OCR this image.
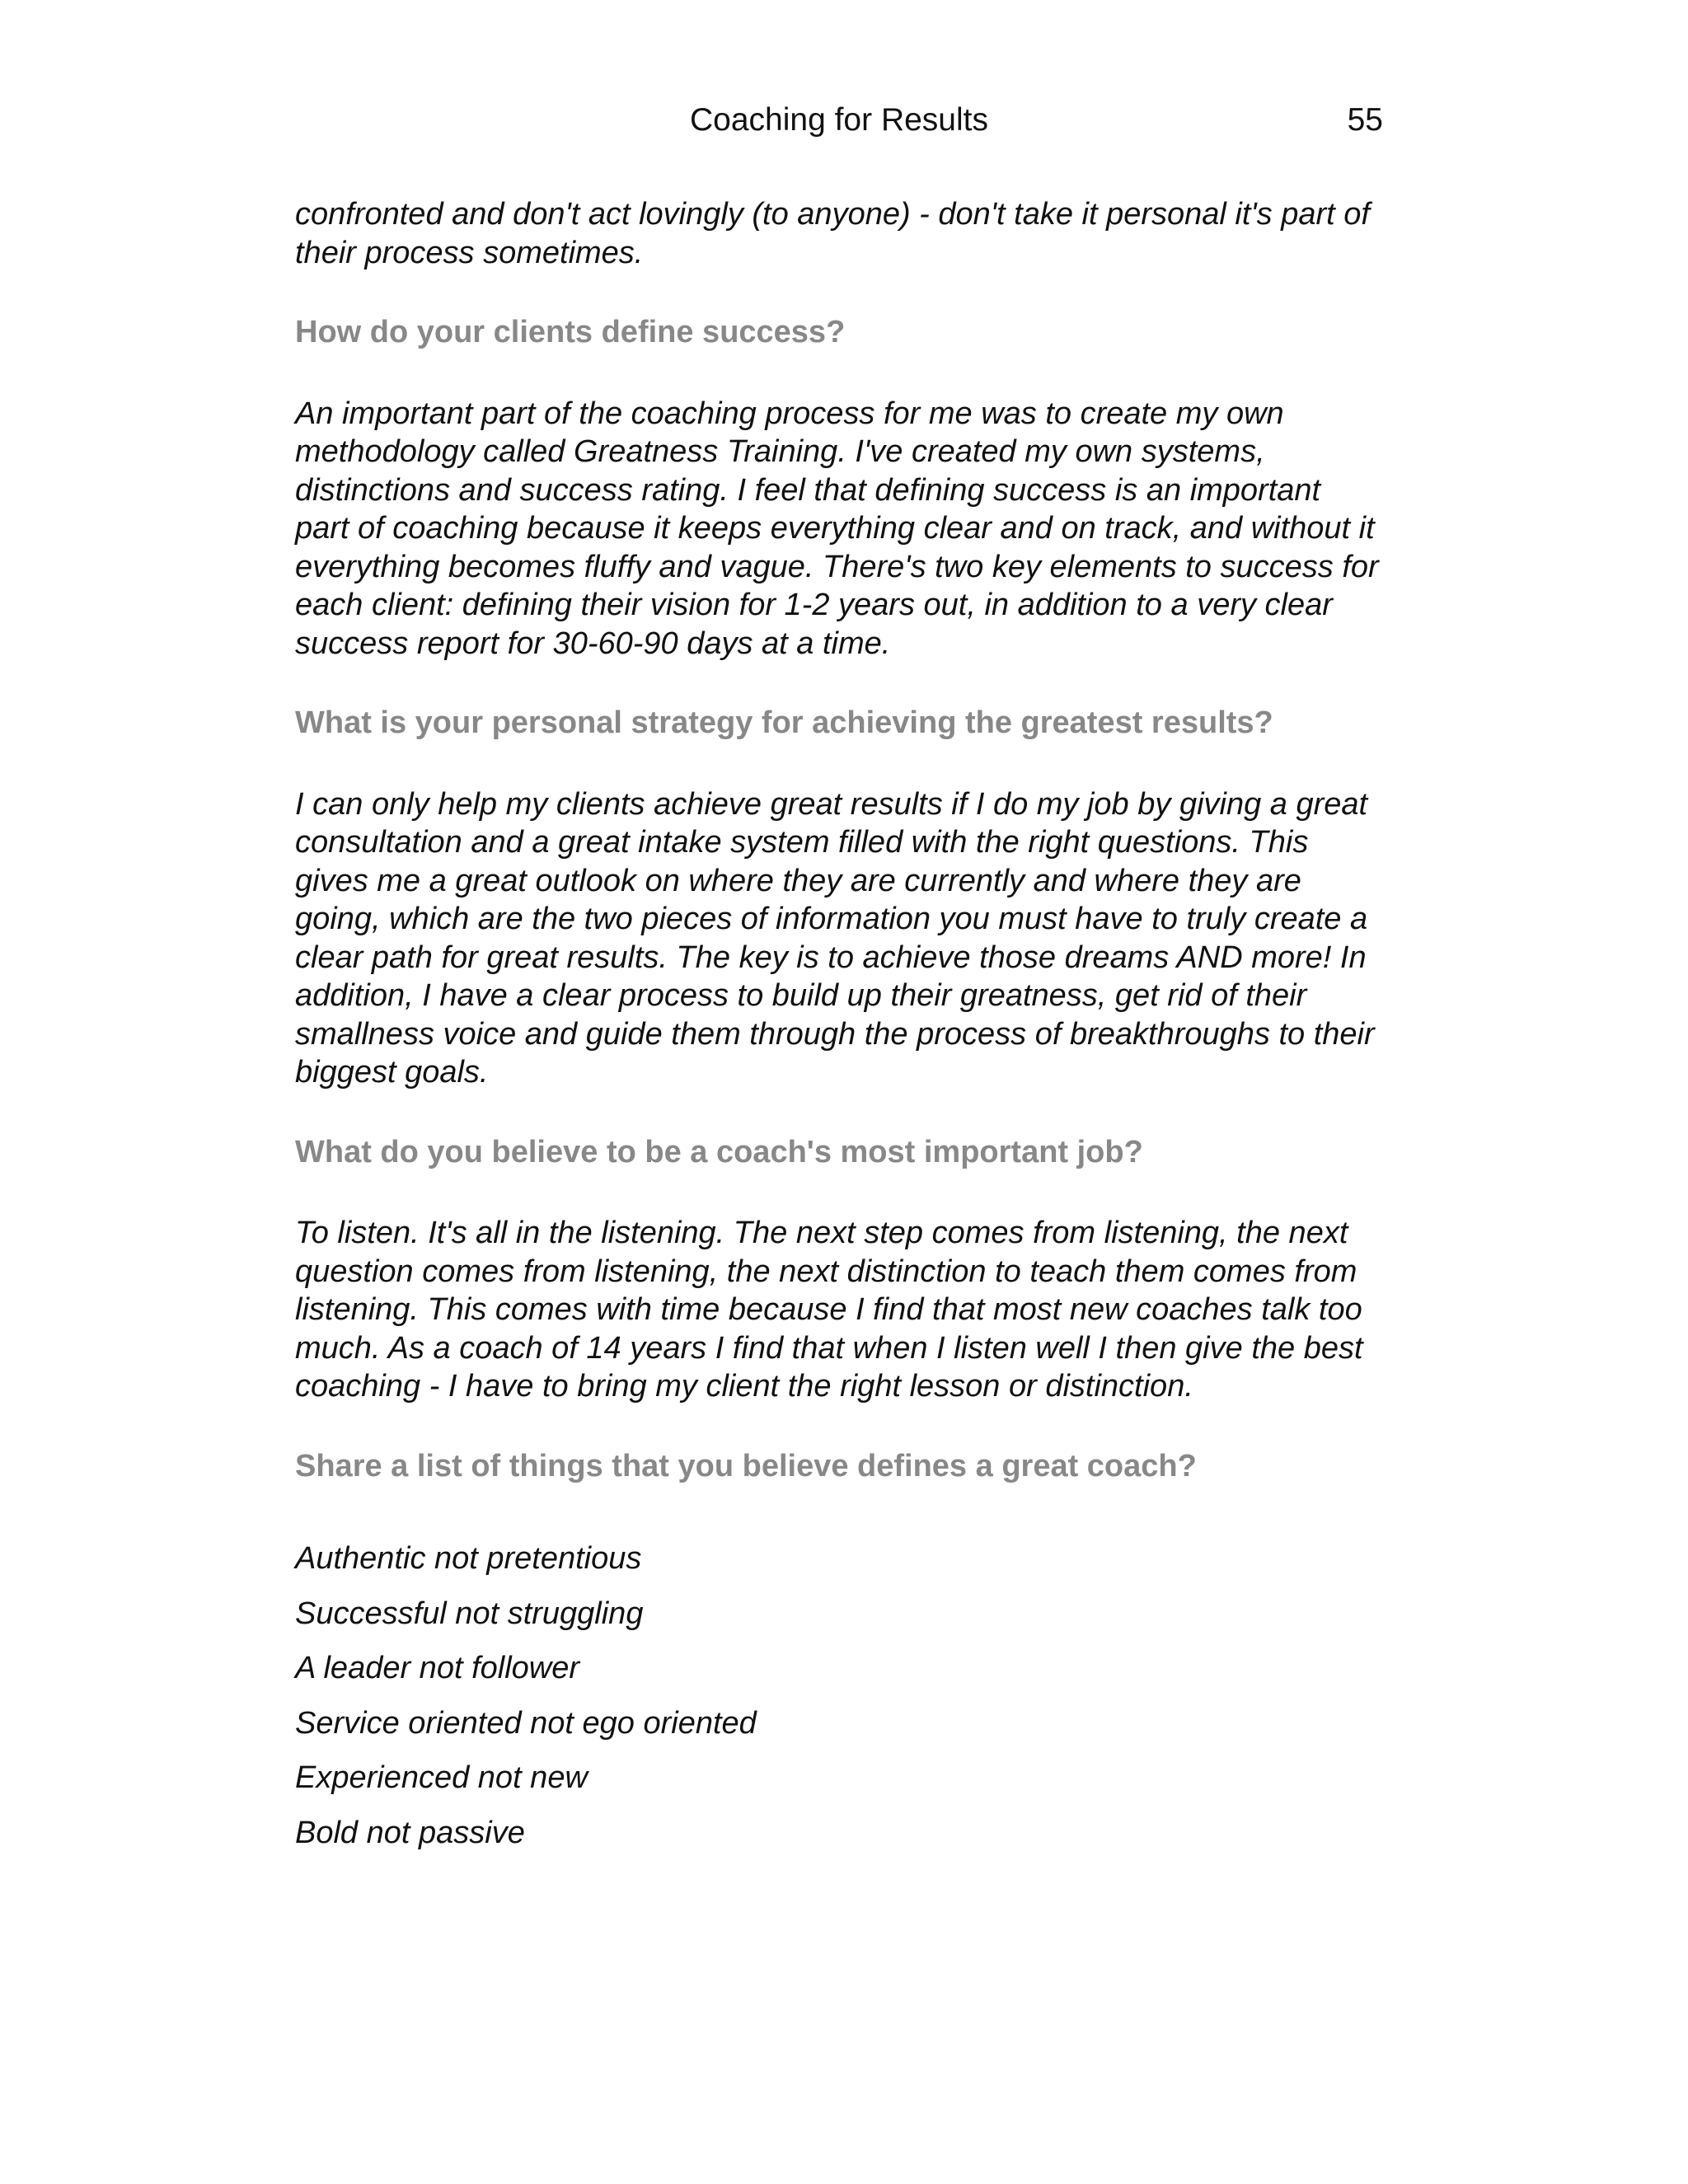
Coaching for Results	55

confronted and don't act lovingly (to anyone) - don't take it personal it's part of their process sometimes.

How do your clients define success?

An important part of the coaching process for me was to create my own methodology called Greatness Training. I've created my own systems, distinctions and success rating. I feel that defining success is an important part of coaching because it keeps everything clear and on track, and without it everything becomes fluffy and vague. There's two key elements to success for each client: defining their vision for 1-2 years out, in addition to a very clear success report for 30-60-90 days at a time.

What is your personal strategy for achieving the greatest results?

I can only help my clients achieve great results if I do my job by giving a great consultation and a great intake system filled with the right questions. This gives me a great outlook on where they are currently and where they are going, which are the two pieces of information you must have to truly create a clear path for great results. The key is to achieve those dreams AND more! In addition, I have a clear process to build up their greatness, get rid of their smallness voice and guide them through the process of breakthroughs to their biggest goals.

What do you believe to be a coach's most important job?

To listen. It's all in the listening. The next step comes from listening, the next question comes from listening, the next distinction to teach them comes from listening. This comes with time because I find that most new coaches talk too much. As a coach of 14 years I find that when I listen well I then give the best coaching - I have to bring my client the right lesson or distinction.

Share a list of things that you believe defines a great coach?

Authentic not pretentious
Successful not struggling
A leader not follower
Service oriented not ego oriented
Experienced not new
Bold not passive
